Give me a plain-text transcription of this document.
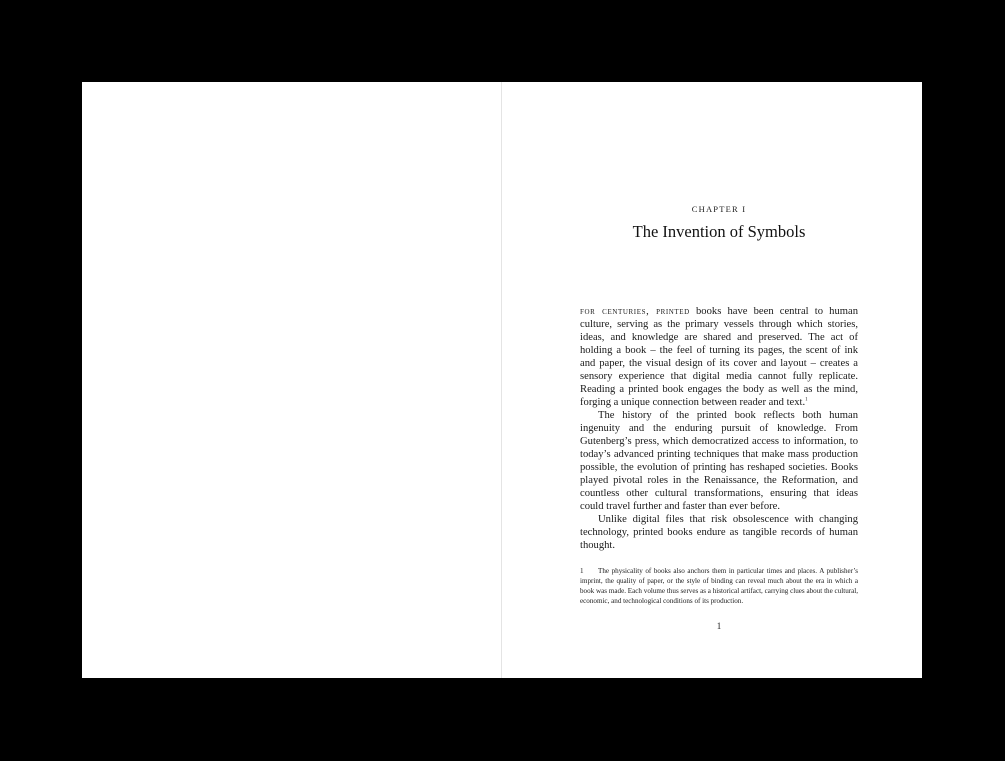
CHAPTER I
The Invention of Symbols

for centuries, printed books have been central to human culture, serving as the primary vessels through which stories, ideas, and knowledge are shared and preserved. The act of holding a book – the feel of turning its pages, the scent of ink and paper, the visual design of its cover and layout – creates a sensory experience that digital media cannot fully replicate. Reading a printed book engages the body as well as the mind, forging a unique connection between reader and text.$^1$

The history of the printed book reflects both human ingenuity and the enduring pursuit of knowledge. From Gutenberg’s press, which democratized access to information, to today’s advanced printing techniques that make mass production possible, the evolution of printing has reshaped societies. Books played pivotal roles in the Renaissance, the Reformation, and countless other cultural transformations, ensuring that ideas could travel further and faster than ever before.

Unlike digital files that risk obsolescence with changing technology, printed books endure as tangible records of human thought.

1 The physicality of books also anchors them in particular times and places. A publisher’s imprint, the quality of paper, or the style of binding can reveal much about the era in which a book was made. Each volume thus serves as a historical artifact, carrying clues about the cultural, economic, and technological conditions of its production.
1
